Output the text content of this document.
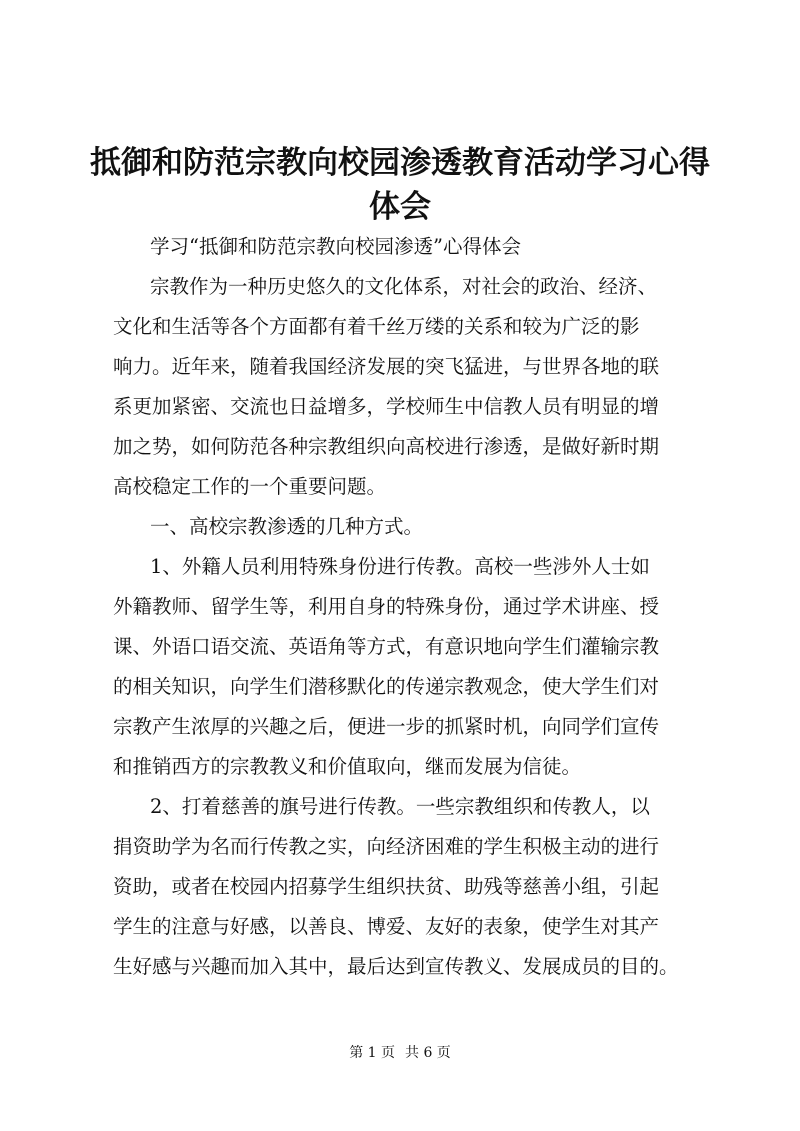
抵御和防范宗教向校园渗透教育活动学习心得
体会

学习“抵御和防范宗教向校园渗透”心得体会

宗教作为一种历史悠久的文化体系，对社会的政治、经济、

文化和生活等各个方面都有着千丝万缕的关系和较为广泛的影

响力。近年来，随着我国经济发展的突飞猛进，与世界各地的联

系更加紧密、交流也日益增多，学校师生中信教人员有明显的增

加之势，如何防范各种宗教组织向高校进行渗透，是做好新时期

高校稳定工作的一个重要问题。

一、高校宗教渗透的几种方式。

1、外籍人员利用特殊身份进行传教。高校一些涉外人士如

外籍教师、留学生等，利用自身的特殊身份，通过学术讲座、授

课、外语口语交流、英语角等方式，有意识地向学生们灌输宗教

的相关知识，向学生们潜移默化的传递宗教观念，使大学生们对

宗教产生浓厚的兴趣之后，便进一步的抓紧时机，向同学们宣传

和推销西方的宗教教义和价值取向，继而发展为信徒。

2、打着慈善的旗号进行传教。一些宗教组织和传教人，以

捐资助学为名而行传教之实，向经济困难的学生积极主动的进行

资助，或者在校园内招募学生组织扶贫、助残等慈善小组，引起

学生的注意与好感，以善良、博爱、友好的表象，使学生对其产

生好感与兴趣而加入其中，最后达到宣传教义、发展成员的目的。

第 1 页 共 6 页
